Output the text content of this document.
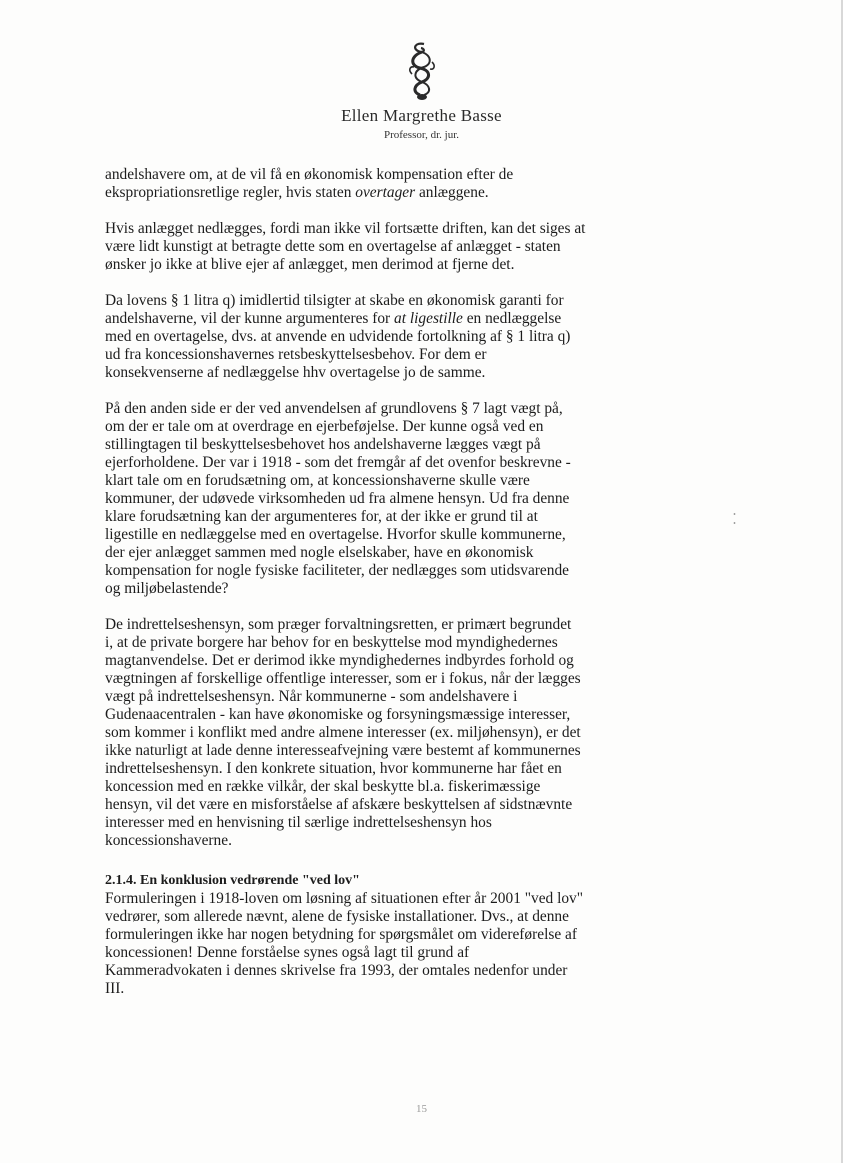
Ellen Margrethe Basse
Professor, dr. jur.
andelshavere om, at de vil få en økonomisk kompensation efter de
ekspropriationsretlige regler, hvis staten overtager anlæggene.
Hvis anlægget nedlægges, fordi man ikke vil fortsætte driften, kan det siges at
være lidt kunstigt at betragte dette som en overtagelse af anlægget - staten
ønsker jo ikke at blive ejer af anlægget, men derimod at fjerne det.
Da lovens § 1 litra q) imidlertid tilsigter at skabe en økonomisk garanti for
andelshaverne, vil der kunne argumenteres for at ligestille en nedlæggelse
med en overtagelse, dvs. at anvende en udvidende fortolkning af § 1 litra q)
ud fra koncessionshavernes retsbeskyttelsesbehov. For dem er
konsekvenserne af nedlæggelse hhv overtagelse jo de samme.
På den anden side er der ved anvendelsen af grundlovens § 7 lagt vægt på,
om der er tale om at overdrage en ejerbeføjelse. Der kunne også ved en
stillingtagen til beskyttelsesbehovet hos andelshaverne lægges vægt på
ejerforholdene. Der var i 1918 - som det fremgår af det ovenfor beskrevne -
klart tale om en forudsætning om, at koncessionshaverne skulle være
kommuner, der udøvede virksomheden ud fra almene hensyn. Ud fra denne
klare forudsætning kan der argumenteres for, at der ikke er grund til at
ligestille en nedlæggelse med en overtagelse. Hvorfor skulle kommunerne,
der ejer anlægget sammen med nogle elselskaber, have en økonomisk
kompensation for nogle fysiske faciliteter, der nedlægges som utidsvarende
og miljøbelastende?
De indrettelseshensyn, som præger forvaltningsretten, er primært begrundet
i, at de private borgere har behov for en beskyttelse mod myndighedernes
magtanvendelse. Det er derimod ikke myndighedernes indbyrdes forhold og
vægtningen af forskellige offentlige interesser, som er i fokus, når der lægges
vægt på indrettelseshensyn. Når kommunerne - som andelshavere i
Gudenaacentralen - kan have økonomiske og forsyningsmæssige interesser,
som kommer i konflikt med andre almene interesser (ex. miljøhensyn), er det
ikke naturligt at lade denne interesseafvejning være bestemt af kommunernes
indrettelseshensyn. I den konkrete situation, hvor kommunerne har fået en
koncession med en række vilkår, der skal beskytte bl.a. fiskerimæssige
hensyn, vil det være en misforståelse af afskære beskyttelsen af sidstnævnte
interesser med en henvisning til særlige indrettelseshensyn hos
koncessionshaverne.
2.1.4. En konklusion vedrørende "ved lov"
Formuleringen i 1918-loven om løsning af situationen efter år 2001 "ved lov"
vedrører, som allerede nævnt, alene de fysiske installationer. Dvs., at denne
formuleringen ikke har nogen betydning for spørgsmålet om videreførelse af
koncessionen! Denne forståelse synes også lagt til grund af
Kammeradvokaten i dennes skrivelse fra 1993, der omtales nedenfor under
III.
15
